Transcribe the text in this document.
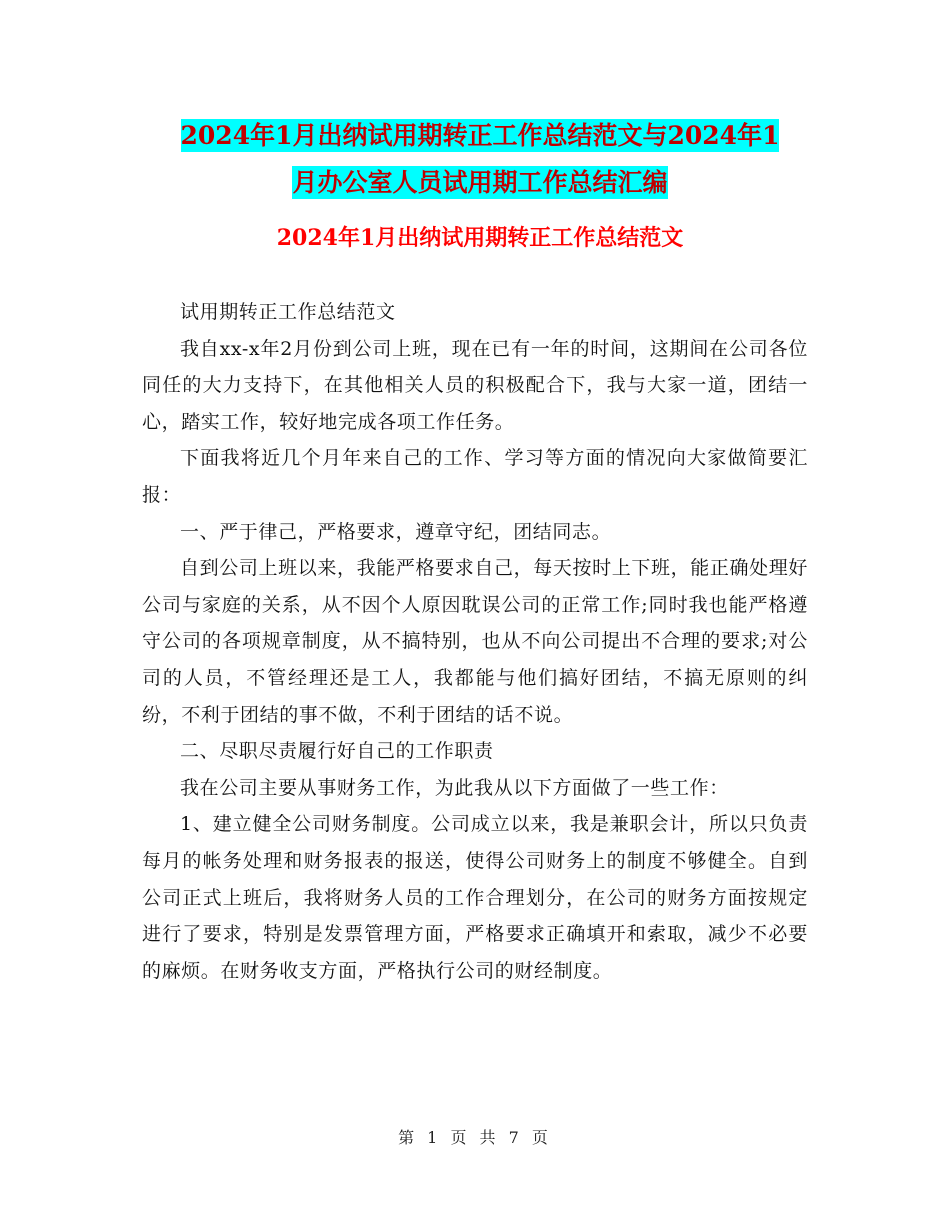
2024年1月出纳试用期转正工作总结范文与2024年1
月办公室人员试用期工作总结汇编
2024年1月出纳试用期转正工作总结范文

试用期转正工作总结范文

我自xx-x年2月份到公司上班，现在已有一年的时间，这期间在公司各位同任的大力支持下，在其他相关人员的积极配合下，我与大家一道，团结一心，踏实工作，较好地完成各项工作任务。

下面我将近几个月年来自己的工作、学习等方面的情况向大家做简要汇报：

一、严于律己，严格要求，遵章守纪，团结同志。

自到公司上班以来，我能严格要求自己，每天按时上下班，能正确处理好公司与家庭的关系，从不因个人原因耽误公司的正常工作;同时我也能严格遵守公司的各项规章制度，从不搞特别，也从不向公司提出不合理的要求;对公司的人员，不管经理还是工人，我都能与他们搞好团结，不搞无原则的纠纷，不利于团结的事不做，不利于团结的话不说。

二、尽职尽责履行好自己的工作职责

我在公司主要从事财务工作，为此我从以下方面做了一些工作：

1、建立健全公司财务制度。公司成立以来，我是兼职会计，所以只负责每月的帐务处理和财务报表的报送，使得公司财务上的制度不够健全。自到公司正式上班后，我将财务人员的工作合理划分，在公司的财务方面按规定进行了要求，特别是发票管理方面，严格要求正确填开和索取，减少不必要的麻烦。在财务收支方面，严格执行公司的财经制度。

第 1 页 共 7 页
